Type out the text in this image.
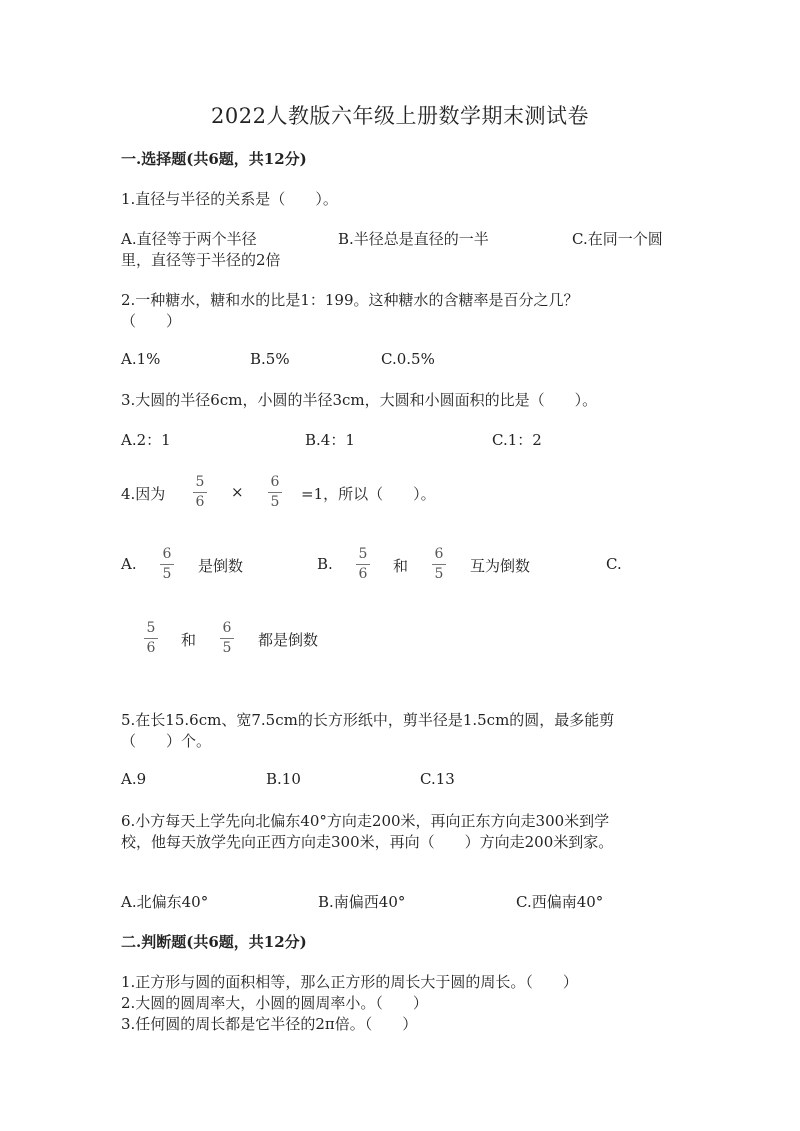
2022人教版六年级上册数学期末测试卷
一.选择题(共6题，共12分)
1.直径与半径的关系是（　　）。
A.直径等于两个半径	B.半径总是直径的一半	C.在同一个圆
里，直径等于半径的2倍
2.一种糖水，糖和水的比是1：199。这种糖水的含糖率是百分之几？
（　　）
A.1%	B.5%	C.0.5%
3.大圆的半径6cm，小圆的半径3cm，大圆和小圆面积的比是（　　）。
A.2：1	B.4：1	C.1：2
4.因为
5
6
×
6
5 =1，所以（　　）。
A.
6
5 是倒数	B.
5
6 和
6
5 互为倒数	C.
5
6 和
6
5 都是倒数
5.在长15.6cm、宽7.5cm的长方形纸中，剪半径是1.5cm的圆，最多能剪
（　　）个。
A.9	B.10	C.13
6.小方每天上学先向北偏东40°方向走200米，再向正东方向走300米到学
校，他每天放学先向正西方向走300米，再向（　　）方向走200米到家。
A.北偏东40°	B.南偏西40°	C.西偏南40°
二.判断题(共6题，共12分)
1.正方形与圆的面积相等，那么正方形的周长大于圆的周长。（　　）
2.大圆的圆周率大，小圆的圆周率小。（　　）
3.任何圆的周长都是它半径的2π倍。（　　）
